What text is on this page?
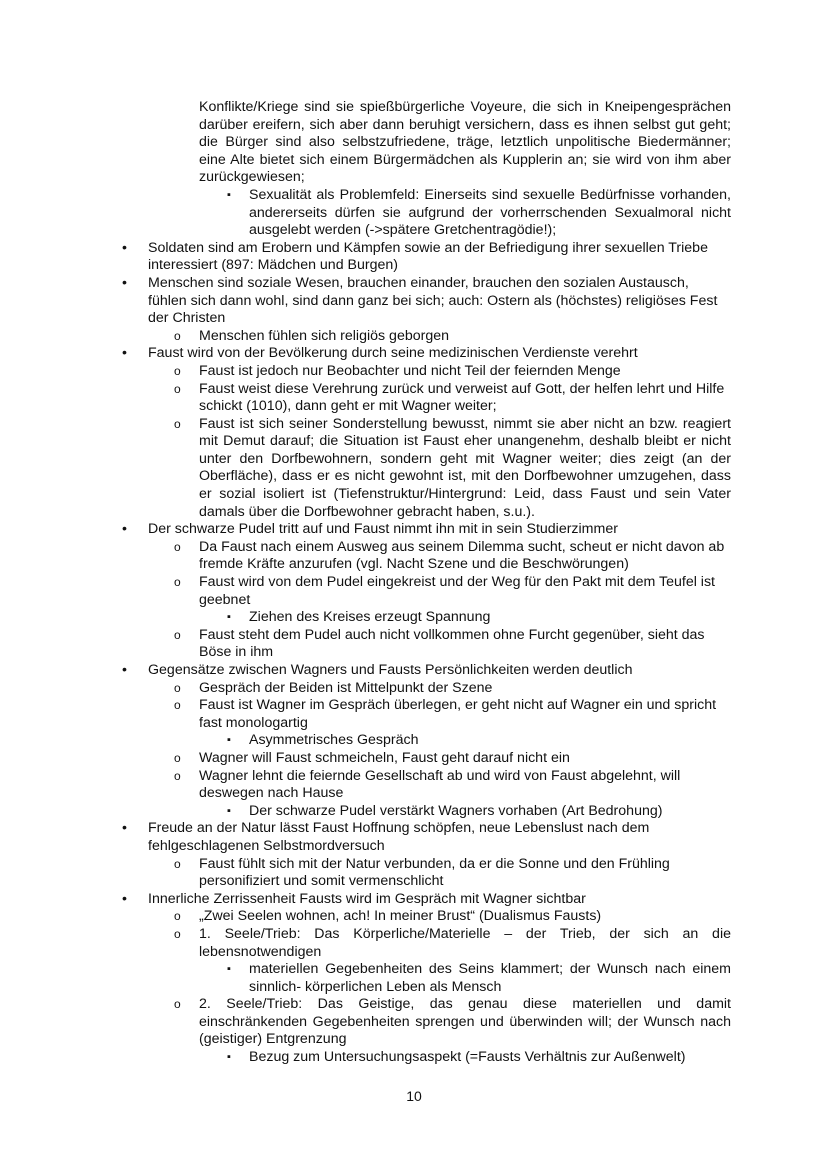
Konflikte/Kriege sind sie spießbürgerliche Voyeure, die sich in Kneipengesprächen darüber ereifern, sich aber dann beruhigt versichern, dass es ihnen selbst gut geht; die Bürger sind also selbstzufriedene, träge, letztlich unpolitische Biedermänner; eine Alte bietet sich einem Bürgermädchen als Kupplerin an; sie wird von ihm aber zurückgewiesen;
▪ Sexualität als Problemfeld: Einerseits sind sexuelle Bedürfnisse vorhanden, andererseits dürfen sie aufgrund der vorherrschenden Sexualmoral nicht ausgelebt werden (->spätere Gretchentragödie!);
• Soldaten sind am Erobern und Kämpfen sowie an der Befriedigung ihrer sexuellen Triebe interessiert (897: Mädchen und Burgen)
• Menschen sind soziale Wesen, brauchen einander, brauchen den sozialen Austausch, fühlen sich dann wohl, sind dann ganz bei sich; auch: Ostern als (höchstes) religiöses Fest der Christen
o Menschen fühlen sich religiös geborgen
• Faust wird von der Bevölkerung durch seine medizinischen Verdienste verehrt
o Faust ist jedoch nur Beobachter und nicht Teil der feiernden Menge
o Faust weist diese Verehrung zurück und verweist auf Gott, der helfen lehrt und Hilfe schickt (1010), dann geht er mit Wagner weiter;
o Faust ist sich seiner Sonderstellung bewusst, nimmt sie aber nicht an bzw. reagiert mit Demut darauf; die Situation ist Faust eher unangenehm, deshalb bleibt er nicht unter den Dorfbewohnern, sondern geht mit Wagner weiter; dies zeigt (an der Oberfläche), dass er es nicht gewohnt ist, mit den Dorfbewohner umzugehen, dass er sozial isoliert ist (Tiefenstruktur/Hintergrund: Leid, dass Faust und sein Vater damals über die Dorfbewohner gebracht haben, s.u.).
• Der schwarze Pudel tritt auf und Faust nimmt ihn mit in sein Studierzimmer
o Da Faust nach einem Ausweg aus seinem Dilemma sucht, scheut er nicht davon ab fremde Kräfte anzurufen (vgl. Nacht Szene und die Beschwörungen)
o Faust wird von dem Pudel eingekreist und der Weg für den Pakt mit dem Teufel ist geebnet
▪ Ziehen des Kreises erzeugt Spannung
o Faust steht dem Pudel auch nicht vollkommen ohne Furcht gegenüber, sieht das Böse in ihm
• Gegensätze zwischen Wagners und Fausts Persönlichkeiten werden deutlich
o Gespräch der Beiden ist Mittelpunkt der Szene
o Faust ist Wagner im Gespräch überlegen, er geht nicht auf Wagner ein und spricht fast monologartig
▪ Asymmetrisches Gespräch
o Wagner will Faust schmeicheln, Faust geht darauf nicht ein
o Wagner lehnt die feiernde Gesellschaft ab und wird von Faust abgelehnt, will deswegen nach Hause
▪ Der schwarze Pudel verstärkt Wagners vorhaben (Art Bedrohung)
• Freude an der Natur lässt Faust Hoffnung schöpfen, neue Lebenslust nach dem fehlgeschlagenen Selbstmordversuch
o Faust fühlt sich mit der Natur verbunden, da er die Sonne und den Frühling personifiziert und somit vermenschlicht
• Innerliche Zerrissenheit Fausts wird im Gespräch mit Wagner sichtbar
o „Zwei Seelen wohnen, ach! In meiner Brust“ (Dualismus Fausts)
o 1. Seele/Trieb: Das Körperliche/Materielle – der Trieb, der sich an die lebensnotwendigen
▪ materiellen Gegebenheiten des Seins klammert; der Wunsch nach einem sinnlich- körperlichen Leben als Mensch
o 2. Seele/Trieb: Das Geistige, das genau diese materiellen und damit einschränkenden Gegebenheiten sprengen und überwinden will; der Wunsch nach (geistiger) Entgrenzung
▪ Bezug zum Untersuchungsaspekt (=Fausts Verhältnis zur Außenwelt)
10
